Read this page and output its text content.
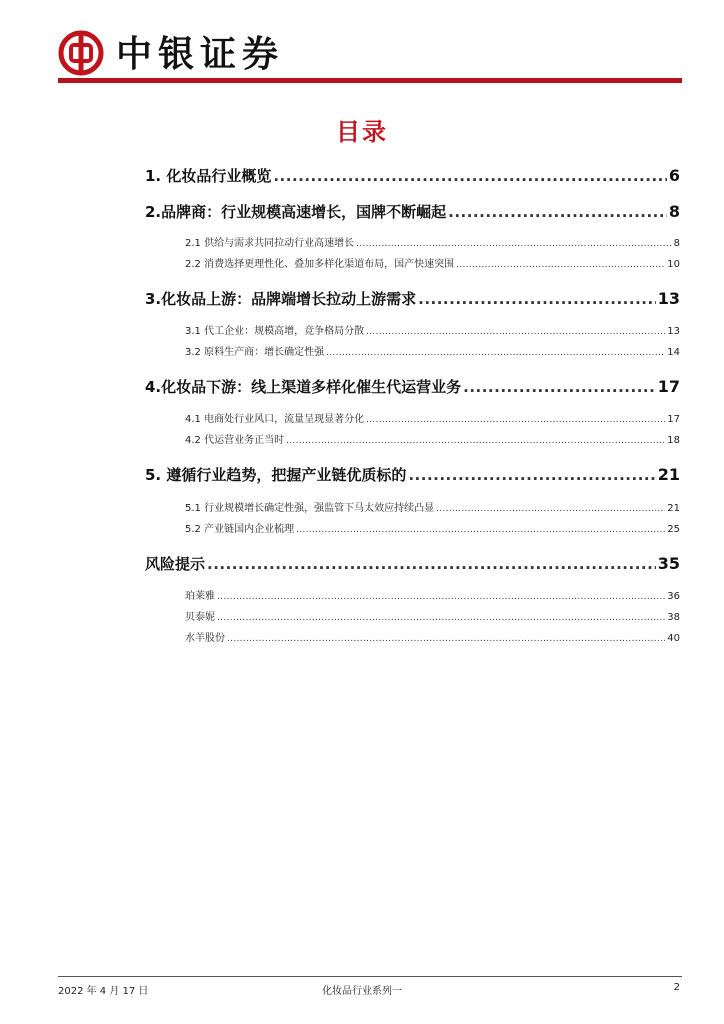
中银证券
目录
1. 化妆品行业概览 .....	6
2.品牌商：行业规模高速增长，国牌不断崛起 .....	8
2.1 供给与需求共同拉动行业高速增长 .....	8
2.2 消费选择更理性化、叠加多样化渠道布局，国产快速突围 .....	10
3.化妆品上游：品牌端增长拉动上游需求 .....	13
3.1 代工企业：规模高增，竞争格局分散 .....	13
3.2 原料生产商：增长确定性强 .....	14
4.化妆品下游：线上渠道多样化催生代运营业务 .....	17
4.1 电商处行业风口，流量呈现显著分化 .....	17
4.2 代运营业务正当时 .....	18
5. 遵循行业趋势，把握产业链优质标的 .....	21
5.1 行业规模增长确定性强，强监管下马太效应持续凸显 .....	21
5.2 产业链国内企业梳理 .....	25
风险提示 .....	35
珀莱雅 .....	36
贝泰妮 .....	38
水羊股份 .....	40
2022 年 4 月 17 日	化妆品行业系列一	2
